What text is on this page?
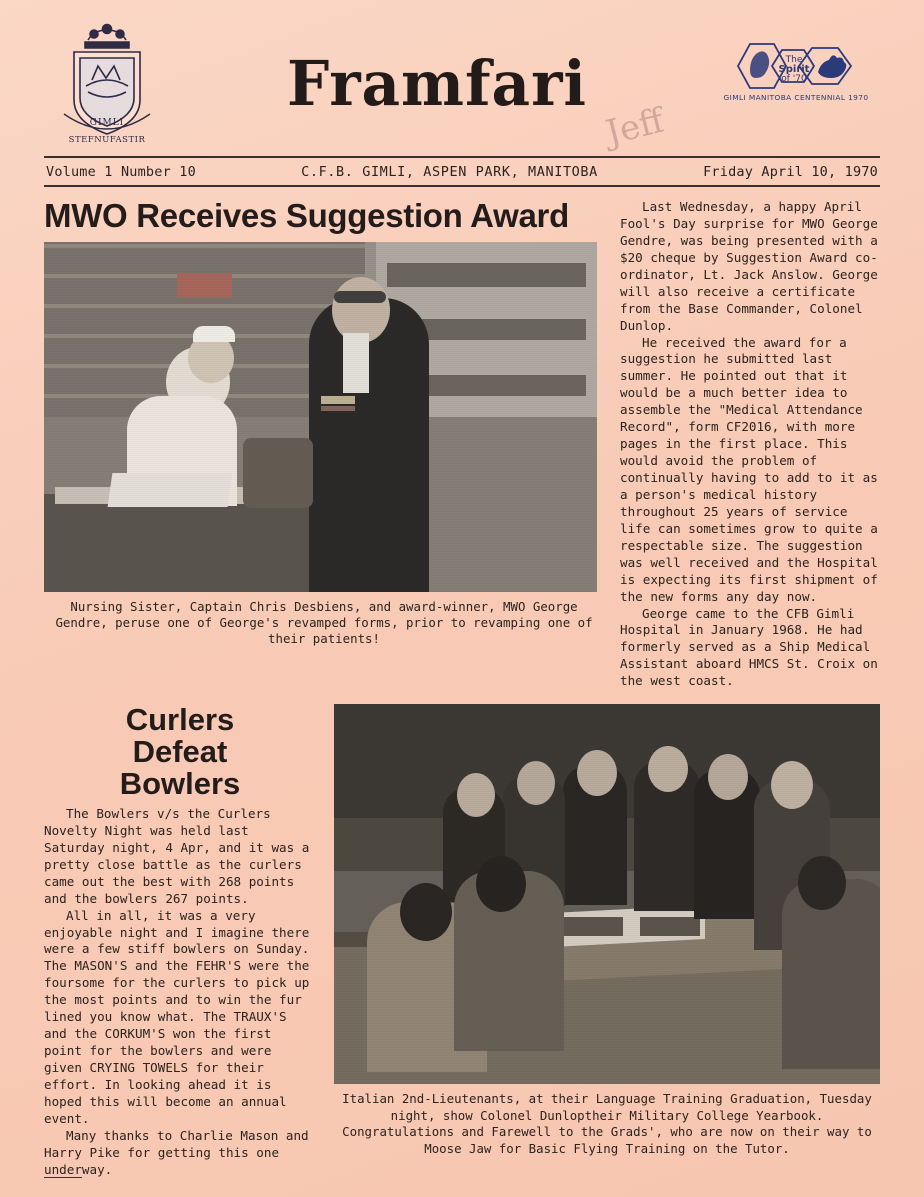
GIMLI
STEFNUFASTIR
Framfari
Jeff
The
Spirit
of '70
GIMLI MANITOBA CENTENNIAL 1970
Volume 1 Number 10	C.F.B. GIMLI, ASPEN PARK, MANITOBA	Friday April 10, 1970
MWO Receives Suggestion Award
Nursing Sister, Captain Chris Desbiens, and award-winner, MWO George Gendre, peruse one of George's revamped forms, prior to revamping one of their patients!

Last Wednesday, a happy April Fool's Day surprise for MWO George Gendre, was being presented with a $20 cheque by Suggestion Award co-ordinator, Lt. Jack Anslow. George will also receive a certificate from the Base Commander, Colonel Dunlop.

He received the award for a suggestion he submitted last summer. He pointed out that it would be a much better idea to assemble the "Medical Attendance Record", form CF2016, with more pages in the first place. This would avoid the problem of continually having to add to it as a person's medical history throughout 25 years of service life can sometimes grow to quite a respectable size. The suggestion was well received and the Hospital is expecting its first shipment of the new forms any day now.

George came to the CFB Gimli Hospital in January 1968. He had formerly served as a Ship Medical Assistant aboard HMCS St. Croix on the west coast.

Curlers
Defeat
Bowlers

The Bowlers v/s the Curlers Novelty Night was held last Saturday night, 4 Apr, and it was a pretty close battle as the curlers came out the best with 268 points and the bowlers 267 points.

All in all, it was a very enjoyable night and I imagine there were a few stiff bowlers on Sunday. The MASON'S and the FEHR'S were the foursome for the curlers to pick up the most points and to win the fur lined you know what. The TRAUX'S and the CORKUM'S won the first point for the bowlers and were given CRYING TOWELS for their effort. In looking ahead it is hoped this will become an annual event.

Many thanks to Charlie Mason and Harry Pike for getting this one underway.

Italian 2nd-Lieutenants, at their Language Training Graduation, Tuesday night, show Colonel Dunloptheir Military College Yearbook. Congratulations and Farewell to the Grads', who are now on their way to Moose Jaw for Basic Flying Training on the Tutor.
